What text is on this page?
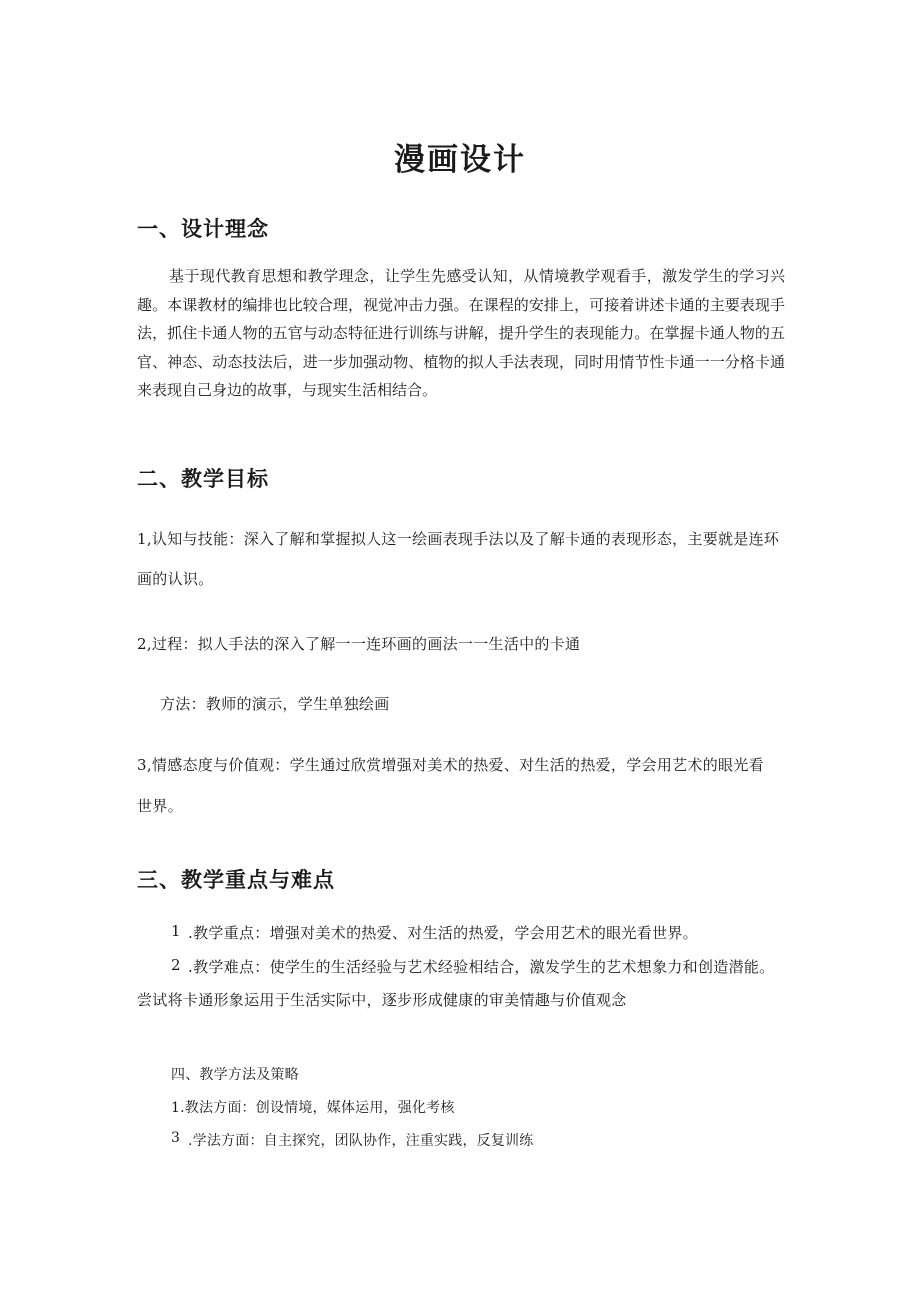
漫画设计
一、设计理念

基于现代教育思想和教学理念，让学生先感受认知，从情境教学观看手，激发学生的学习兴趣。本课教材的编排也比较合理，视觉冲击力强。在课程的安排上，可接着讲述卡通的主要表现手法，抓住卡通人物的五官与动态特征进行训练与讲解，提升学生的表现能力。在掌握卡通人物的五官、神态、动态技法后，进一步加强动物、植物的拟人手法表现，同时用情节性卡通一一分格卡通来表现自己身边的故事，与现实生活相结合。

二、教学目标

1,认知与技能：深入了解和掌握拟人这一绘画表现手法以及了解卡通的表现形态，主要就是连环

画的认识。

2,过程：拟人手法的深入了解一一连环画的画法一一生活中的卡通

方法：教师的演示，学生单独绘画

3,情感态度与价值观：学生通过欣赏增强对美术的热爱、对生活的热爱，学会用艺术的眼光看

世界。

三、教学重点与难点

1 .教学重点：增强对美术的热爱、对生活的热爱，学会用艺术的眼光看世界。

2 .教学难点：使学生的生活经验与艺术经验相结合，激发学生的艺术想象力和创造潜能。

尝试将卡通形象运用于生活实际中，逐步形成健康的审美情趣与价值观念

四、教学方法及策略

1.教法方面：创设情境，媒体运用，强化考核

3 .学法方面：自主探究，团队协作，注重实践，反复训练
